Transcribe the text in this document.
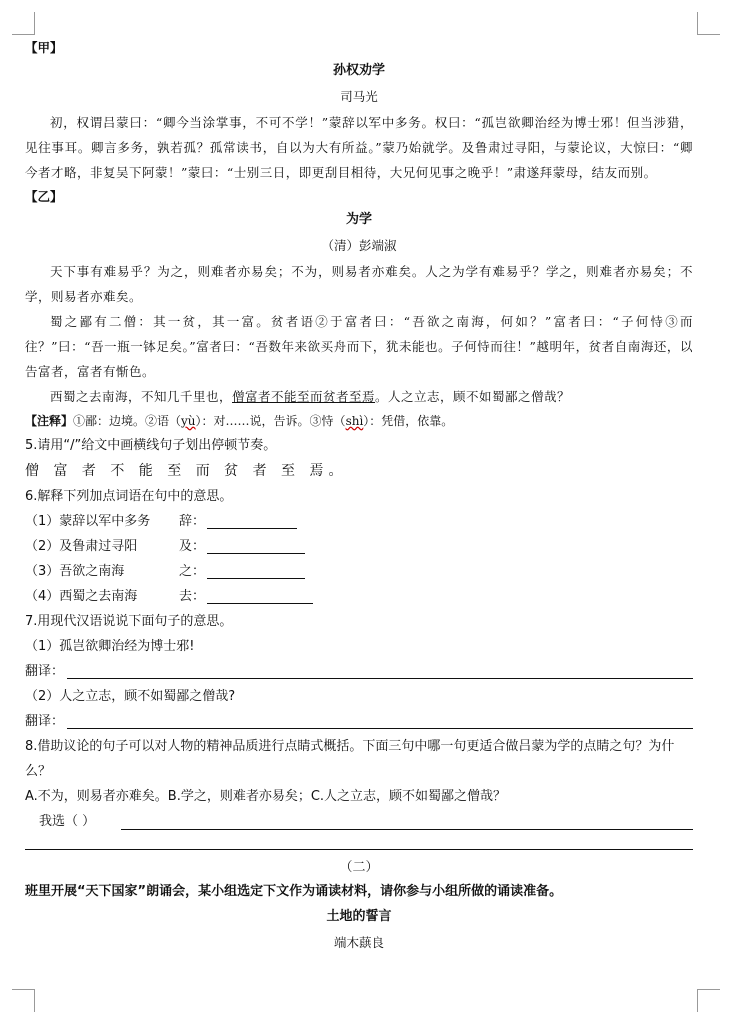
【甲】
孙权劝学
司马光
初，权谓吕蒙曰：“卿今当涂掌事，不可不学！”蒙辞以军中多务。权曰：“孤岂欲卿治经为博士邪！但当涉猎，见往事耳。卿言多务，孰若孤？孤常读书，自以为大有所益。”蒙乃始就学。及鲁肃过寻阳，与蒙论议，大惊曰：“卿今者才略，非复吴下阿蒙！”蒙曰：“士别三日，即更刮目相待，大兄何见事之晚乎！”肃遂拜蒙母，结友而别。
【乙】
为学
（清）彭端淑
天下事有难易乎？为之，则难者亦易矣；不为，则易者亦难矣。人之为学有难易乎？学之，则难者亦易矣；不学，则易者亦难矣。
蜀之鄙有二僧：其一贫，其一富。贫者语②于富者曰：“吾欲之南海，何如？”富者曰：“子何恃③而往？”曰：“吾一瓶一钵足矣。”富者曰：“吾数年来欲买舟而下，犹未能也。子何恃而往！”越明年，贫者自南海还，以告富者，富者有惭色。
西蜀之去南海，不知几千里也，僧富者不能至而贫者至焉。人之立志，顾不如蜀鄙之僧哉？
【注释】①鄙：边境。②语（yù）：对……说，告诉。③恃（shì）：凭借，依靠。
5.请用“/”给文中画横线句子划出停顿节奏。
僧 富 者 不 能 至 而 贫 者 至 焉。
6.解释下列加点词语在句中的意思。
（1）蒙辞以军中多务 辞：
（2）及鲁肃过寻阳	及：
（3）吾欲之南海	之：
（4）西蜀之去南海	去：
7.用现代汉语说说下面句子的意思。
（1）孤岂欲卿治经为博士邪!
翻译：
（2）人之立志，顾不如蜀鄙之僧哉?
翻译：
8.借助议论的句子可以对人物的精神品质进行点睛式概括。下面三句中哪一句更适合做吕蒙为学的点睛之句？为什么？
A.不为，则易者亦难矣。B.学之，则难者亦易矣；C.人之立志，顾不如蜀鄙之僧哉？
我选（ ）
（二）
班里开展“天下国家”朗诵会，某小组选定下文作为诵读材料，请你参与小组所做的诵读准备。
土地的誓言
端木蕻良
